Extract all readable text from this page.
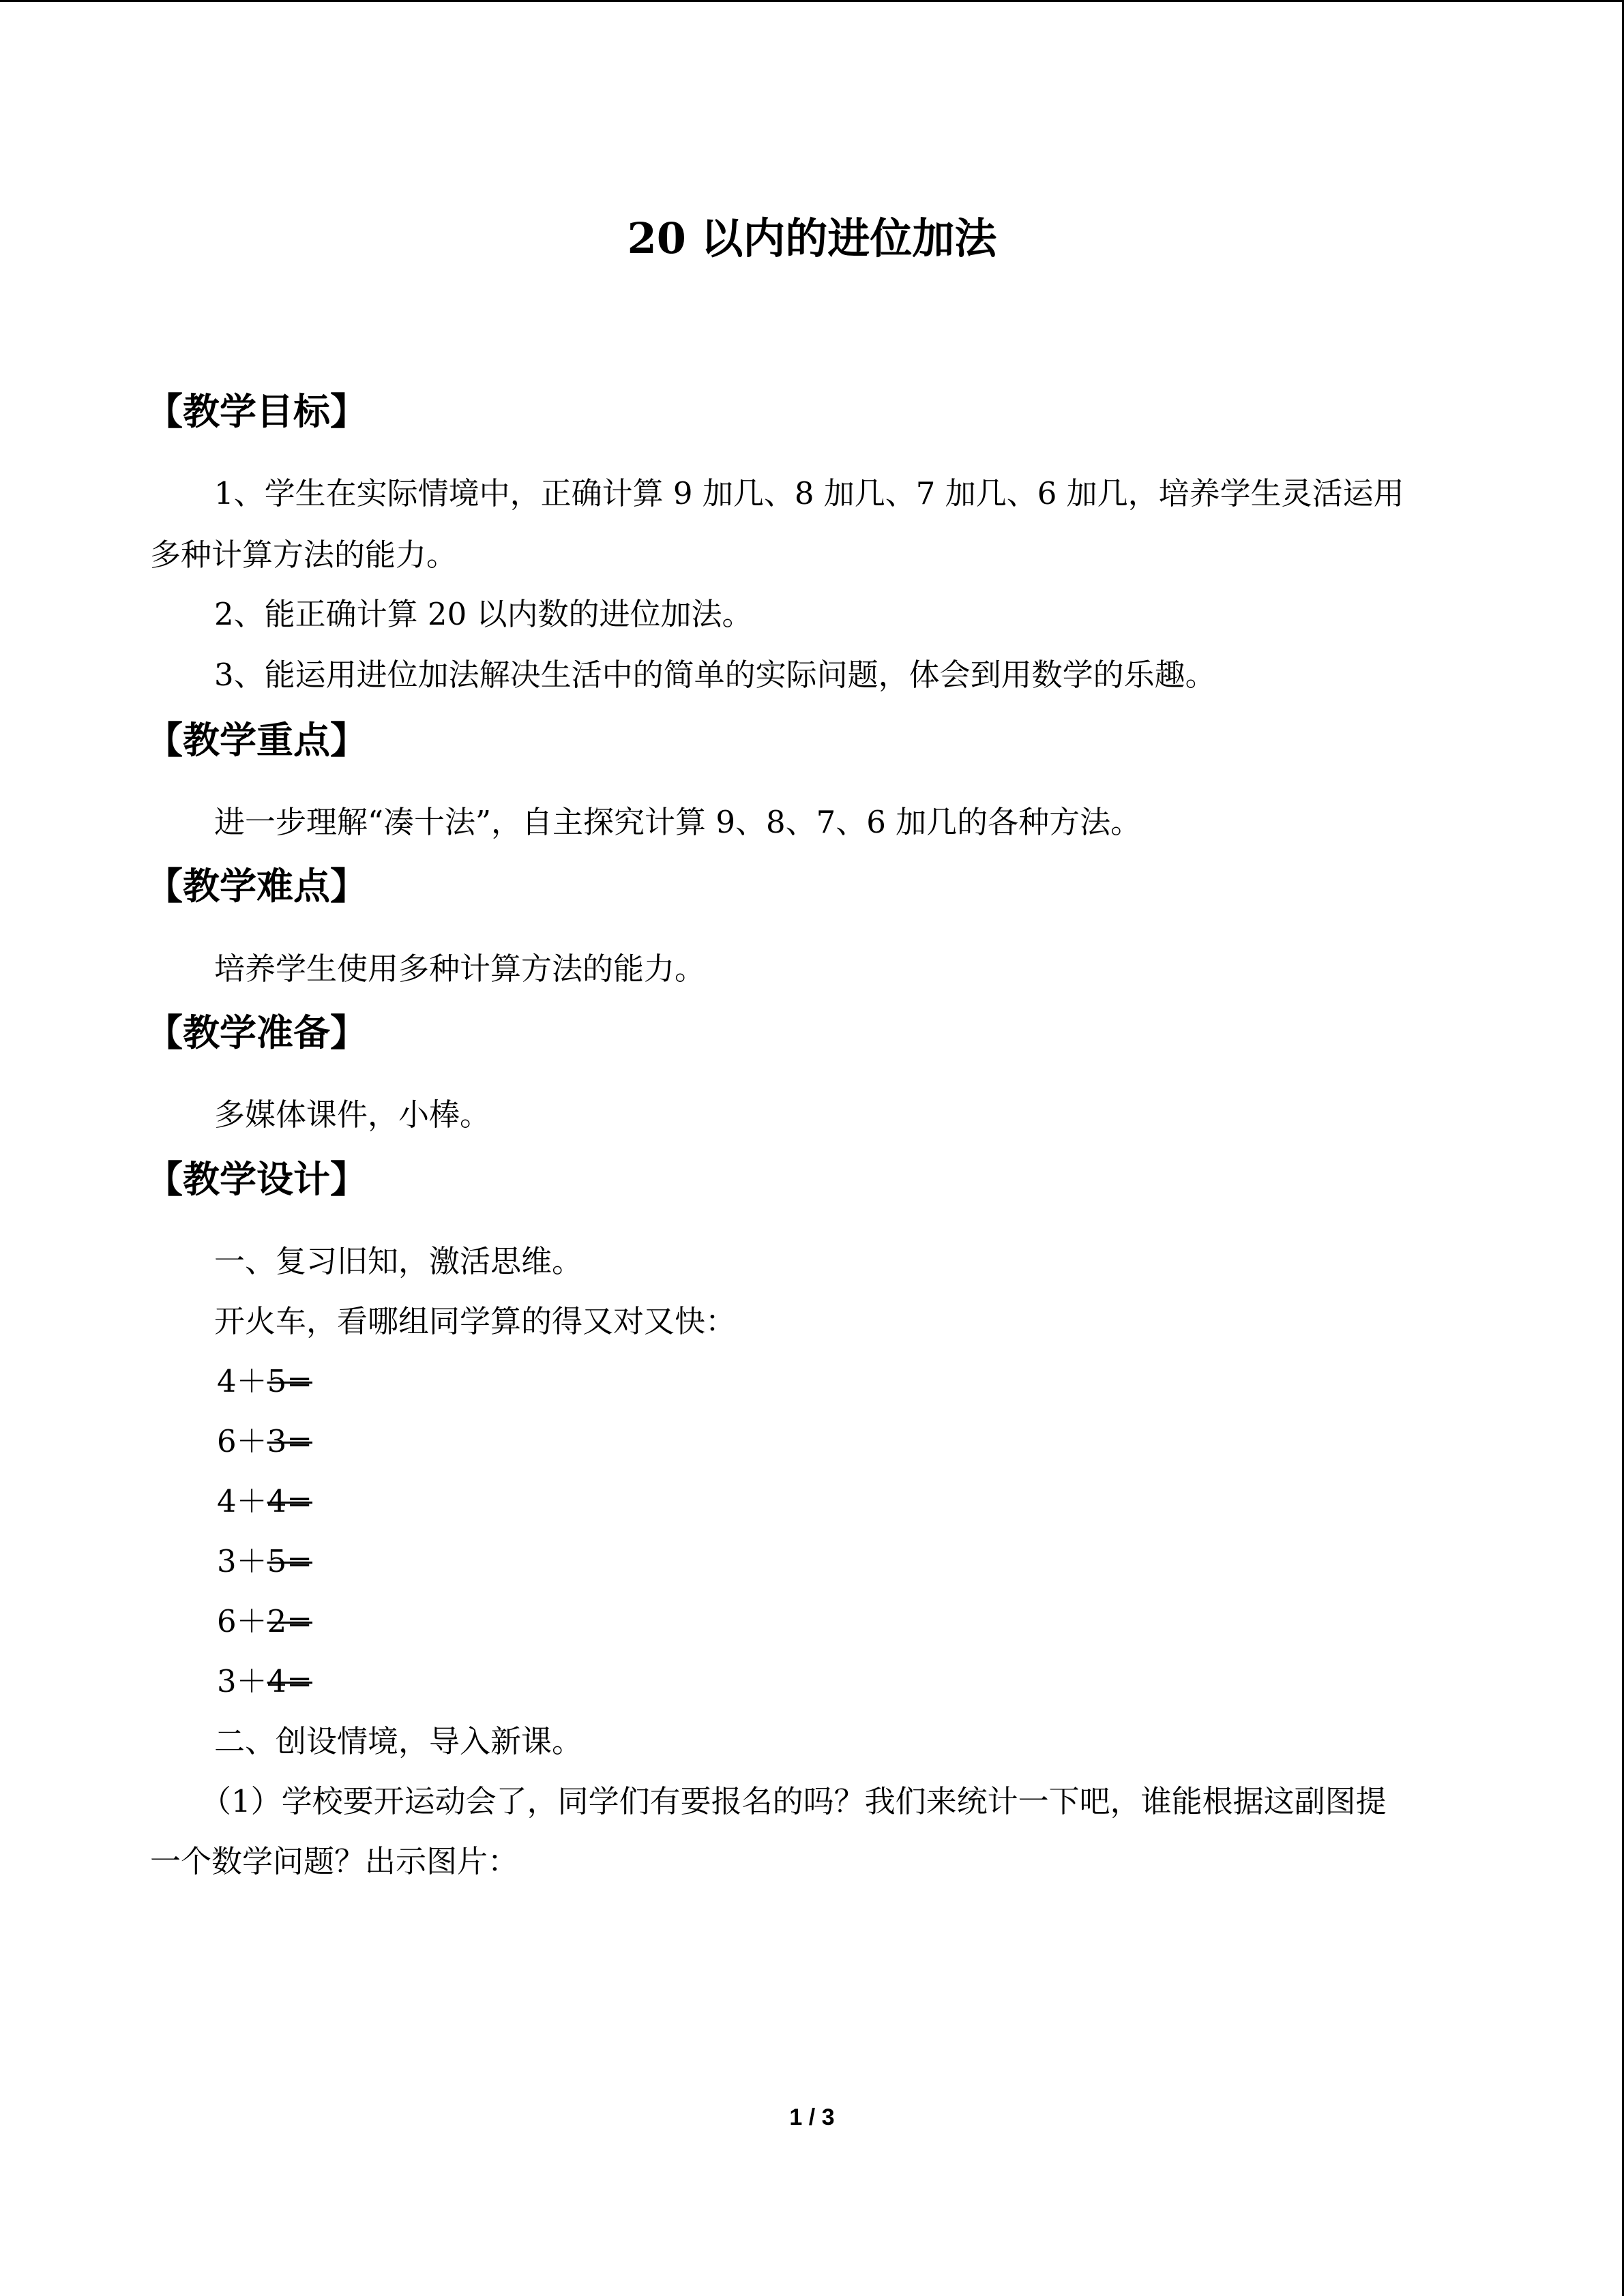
20 以内的进位加法
【教学目标】
1、学生在实际情境中，正确计算 9 加几、8 加几、7 加几、6 加几，培养学生灵活运用
多种计算方法的能力。
2、能正确计算 20 以内数的进位加法。
3、能运用进位加法解决生活中的简单的实际问题，体会到用数学的乐趣。
【教学重点】
进一步理解“凑十法”，自主探究计算 9、8、7、6 加几的各种方法。
【教学难点】
培养学生使用多种计算方法的能力。
【教学准备】
多媒体课件，小棒。
【教学设计】
一、复习旧知，激活思维。
开火车，看哪组同学算的得又对又快：
4＋5=
6＋3=
4＋4=
3＋5=
6＋2=
3＋4=
二、创设情境，导入新课。
（1）学校要开运动会了，同学们有要报名的吗？我们来统计一下吧，谁能根据这副图提
一个数学问题？出示图片：
1 / 3
